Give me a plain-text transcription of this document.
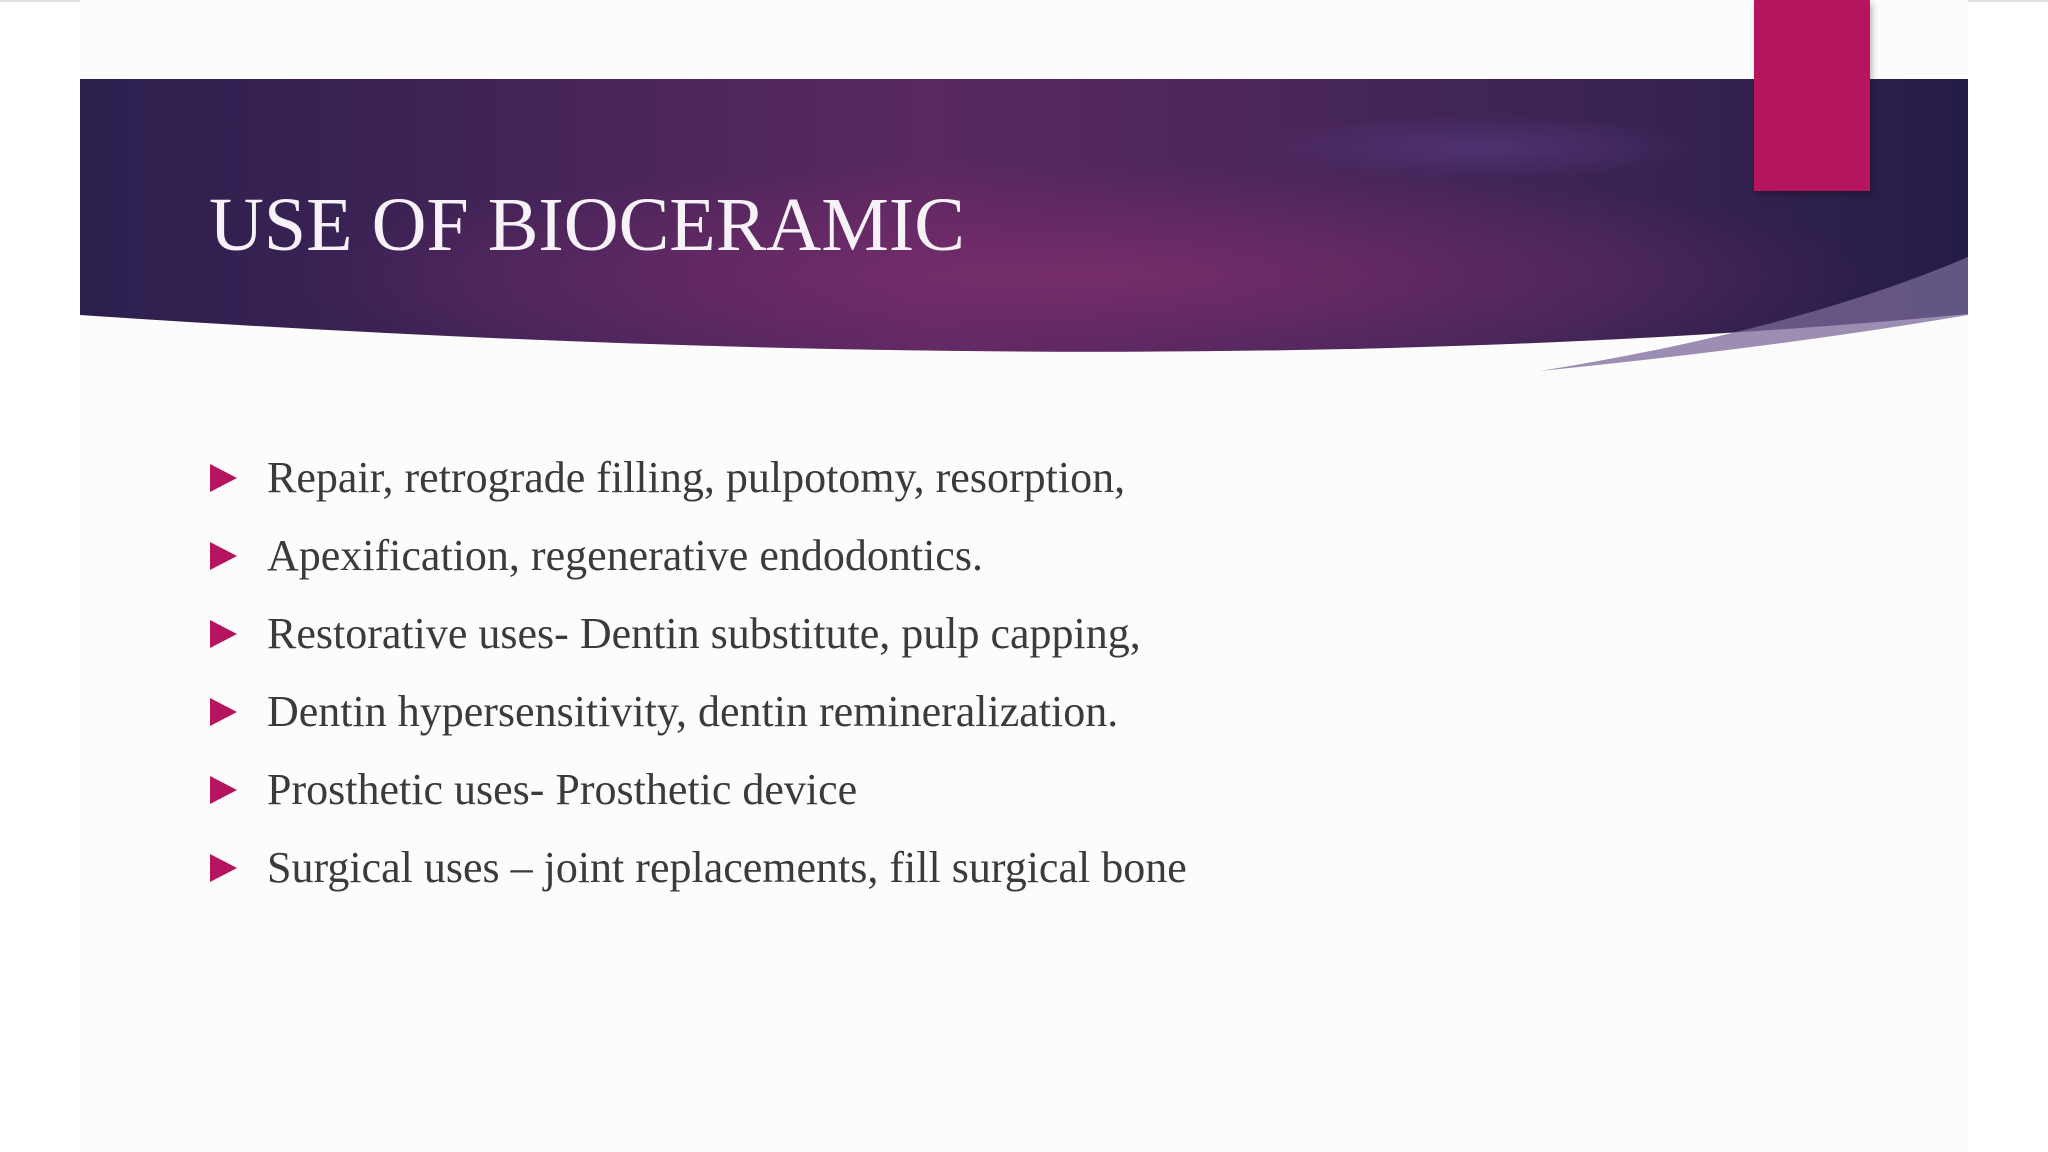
USE OF BIOCERAMIC
Repair, retrograde filling, pulpotomy, resorption,
Apexification, regenerative endodontics.
Restorative uses- Dentin substitute, pulp capping,
Dentin hypersensitivity, dentin remineralization.
Prosthetic uses- Prosthetic device
Surgical uses – joint replacements, fill surgical bone
